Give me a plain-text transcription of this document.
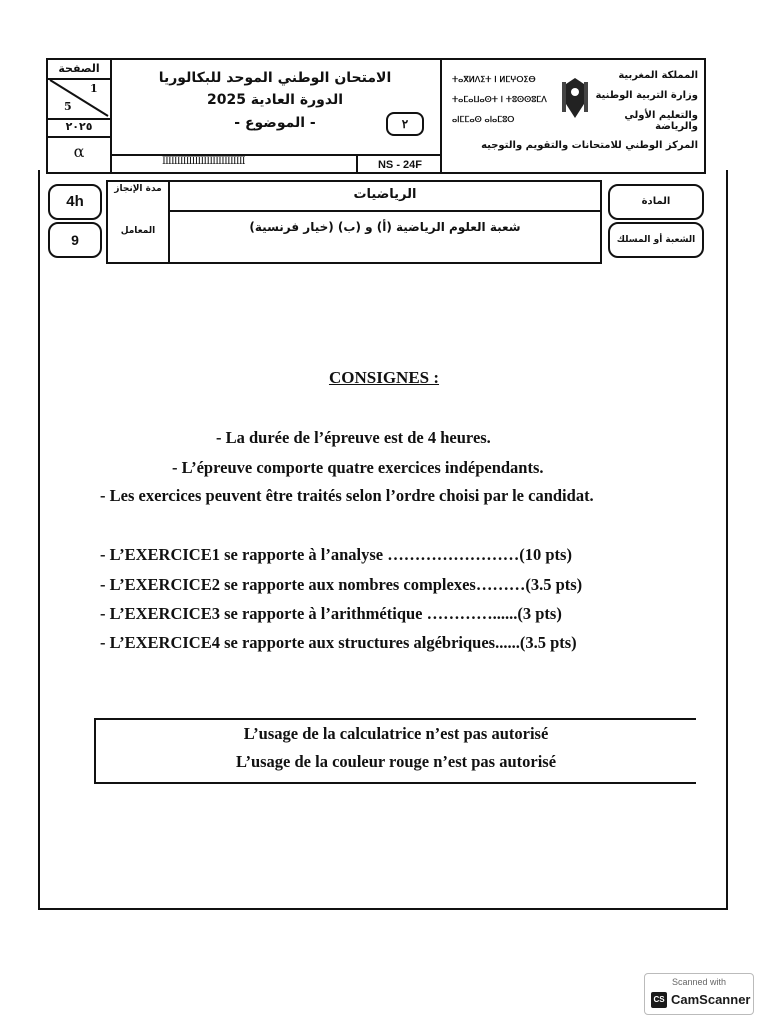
الصفحة
1
5
٢٠٢٥
α
الامتحان الوطني الموحد للبكالوريا
الدورة العادية 2025
- الموضوع -	٢
IIIIIIIIIIIIIIIIIIIIIIIIIIII	NS - 24F
ⵜⴰⴳⵍⴷⵉⵜ ⵏ ⵍⵎⵖⵔⵉⴱ
ⵜⴰⵎⴰⵡⴰⵙⵜ ⵏ ⵜⵓⵙⵙⵓⵎⴷ
ⴰⵏⵎⵎⴰⵙ ⴰⵏⴰⵎⵓⵔ
المملكة المغربية
وزارة التربية الوطنية
والتعليم الأولي والرياضة
المركز الوطني للامتحانات والتقويم والتوجيه
4h
9
مدة الإنجاز
المعامل
الرياضيات
شعبة العلوم الرياضية (أ) و (ب) (خيار فرنسية)
المادة
الشعبة أو المسلك
CONSIGNES :
- La durée de l’épreuve est de 4 heures.
- L’épreuve comporte quatre exercices indépendants.
- Les exercices peuvent être traités selon l’ordre choisi par le candidat.
- L’EXERCICE1 se rapporte à l’analyse ……………………(10 pts)
- L’EXERCICE2 se rapporte aux nombres complexes………(3.5 pts)
- L’EXERCICE3 se rapporte à l’arithmétique …………......(3 pts)
- L’EXERCICE4 se rapporte aux structures algébriques......(3.5 pts)
L’usage de la calculatrice n’est pas autorisé
L’usage de la couleur rouge n’est pas autorisé
Scanned with
CS CamScanner
